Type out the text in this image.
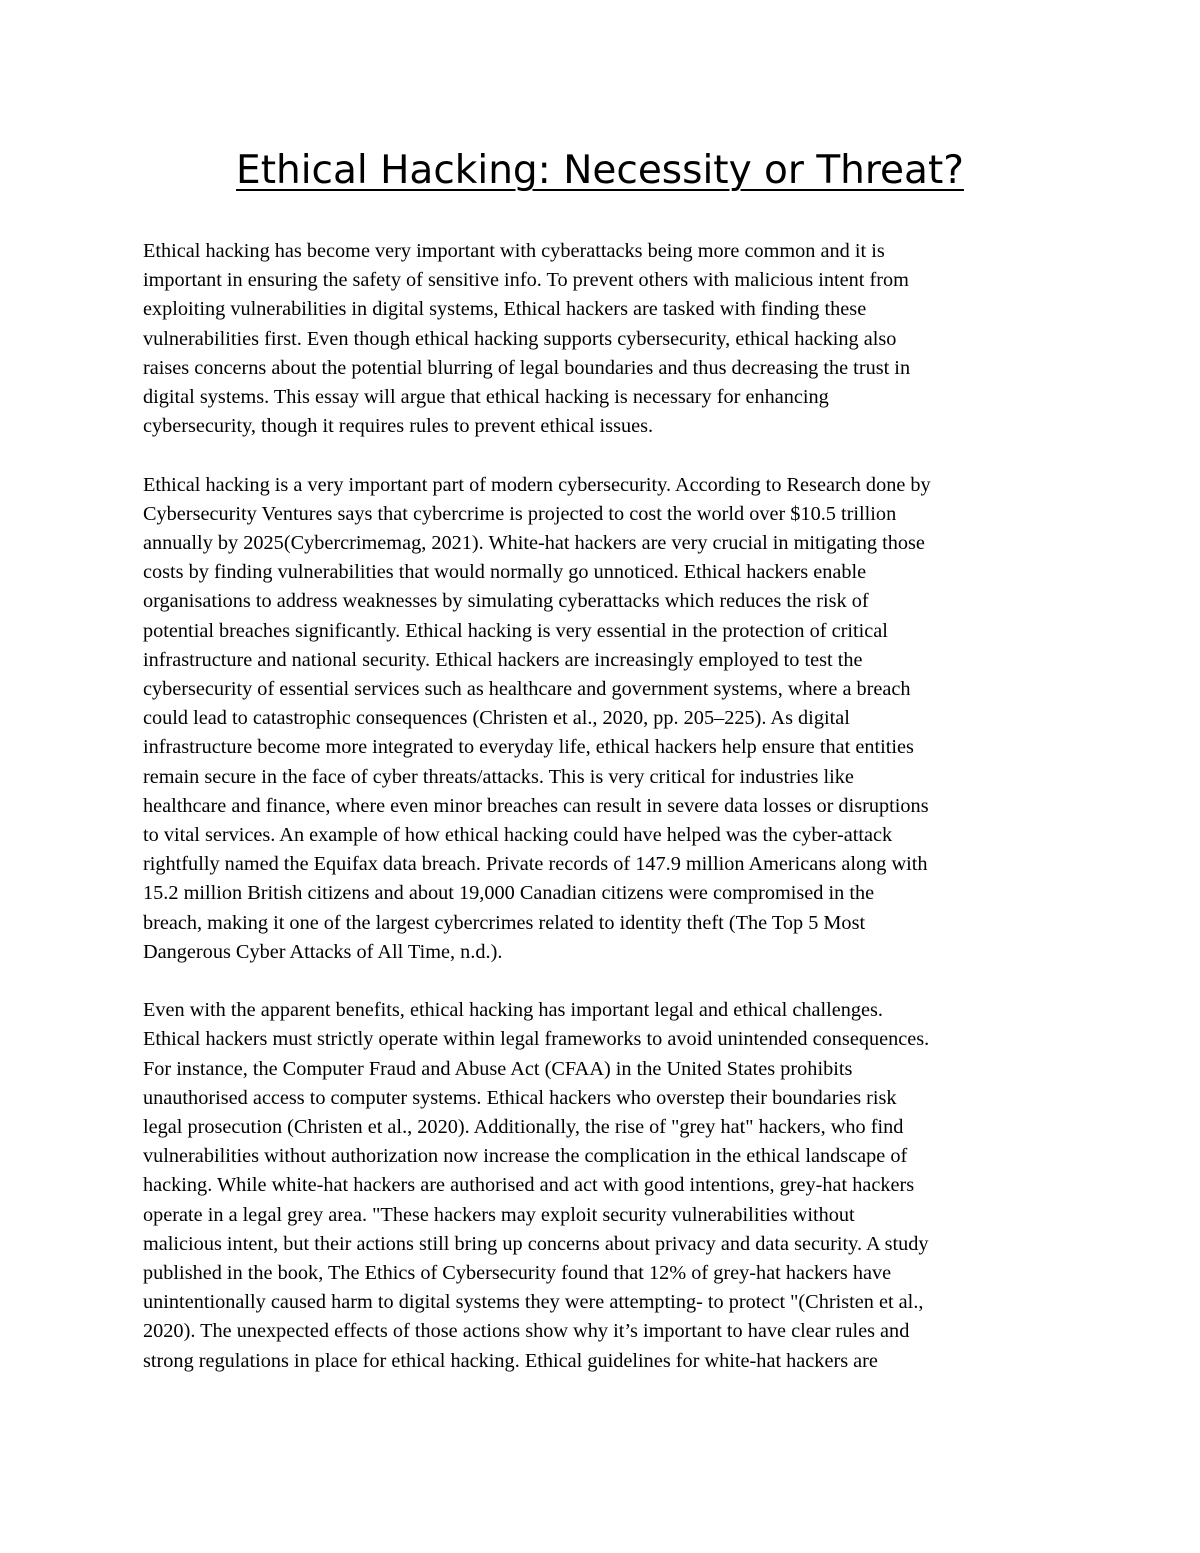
Ethical Hacking: Necessity or Threat?

Ethical hacking has become very important with cyberattacks being more common and it is
important in ensuring the safety of sensitive info. To prevent others with malicious intent from
exploiting vulnerabilities in digital systems, Ethical hackers are tasked with finding these
vulnerabilities first. Even though ethical hacking supports cybersecurity, ethical hacking also
raises concerns about the potential blurring of legal boundaries and thus decreasing the trust in
digital systems. This essay will argue that ethical hacking is necessary for enhancing
cybersecurity, though it requires rules to prevent ethical issues.

Ethical hacking is a very important part of modern cybersecurity. According to Research done by
Cybersecurity Ventures says that cybercrime is projected to cost the world over $10.5 trillion
annually by 2025(Cybercrimemag, 2021). White-hat hackers are very crucial in mitigating those
costs by finding vulnerabilities that would normally go unnoticed. Ethical hackers enable
organisations to address weaknesses by simulating cyberattacks which reduces the risk of
potential breaches significantly. Ethical hacking is very essential in the protection of critical
infrastructure and national security. Ethical hackers are increasingly employed to test the
cybersecurity of essential services such as healthcare and government systems, where a breach
could lead to catastrophic consequences (Christen et al., 2020, pp. 205–225). As digital
infrastructure become more integrated to everyday life, ethical hackers help ensure that entities
remain secure in the face of cyber threats/attacks. This is very critical for industries like
healthcare and finance, where even minor breaches can result in severe data losses or disruptions
to vital services. An example of how ethical hacking could have helped was the cyber-attack
rightfully named the Equifax data breach. Private records of 147.9 million Americans along with
15.2 million British citizens and about 19,000 Canadian citizens were compromised in the
breach, making it one of the largest cybercrimes related to identity theft (The Top 5 Most
Dangerous Cyber Attacks of All Time, n.d.).

Even with the apparent benefits, ethical hacking has important legal and ethical challenges.
Ethical hackers must strictly operate within legal frameworks to avoid unintended consequences.
For instance, the Computer Fraud and Abuse Act (CFAA) in the United States prohibits
unauthorised access to computer systems. Ethical hackers who overstep their boundaries risk
legal prosecution (Christen et al., 2020). Additionally, the rise of "grey hat" hackers, who find
vulnerabilities without authorization now increase the complication in the ethical landscape of
hacking. While white-hat hackers are authorised and act with good intentions, grey-hat hackers
operate in a legal grey area. "These hackers may exploit security vulnerabilities without
malicious intent, but their actions still bring up concerns about privacy and data security. A study
published in the book, The Ethics of Cybersecurity found that 12% of grey-hat hackers have
unintentionally caused harm to digital systems they were attempting- to protect "(Christen et al.,
2020). The unexpected effects of those actions show why it’s important to have clear rules and
strong regulations in place for ethical hacking. Ethical guidelines for white-hat hackers are
